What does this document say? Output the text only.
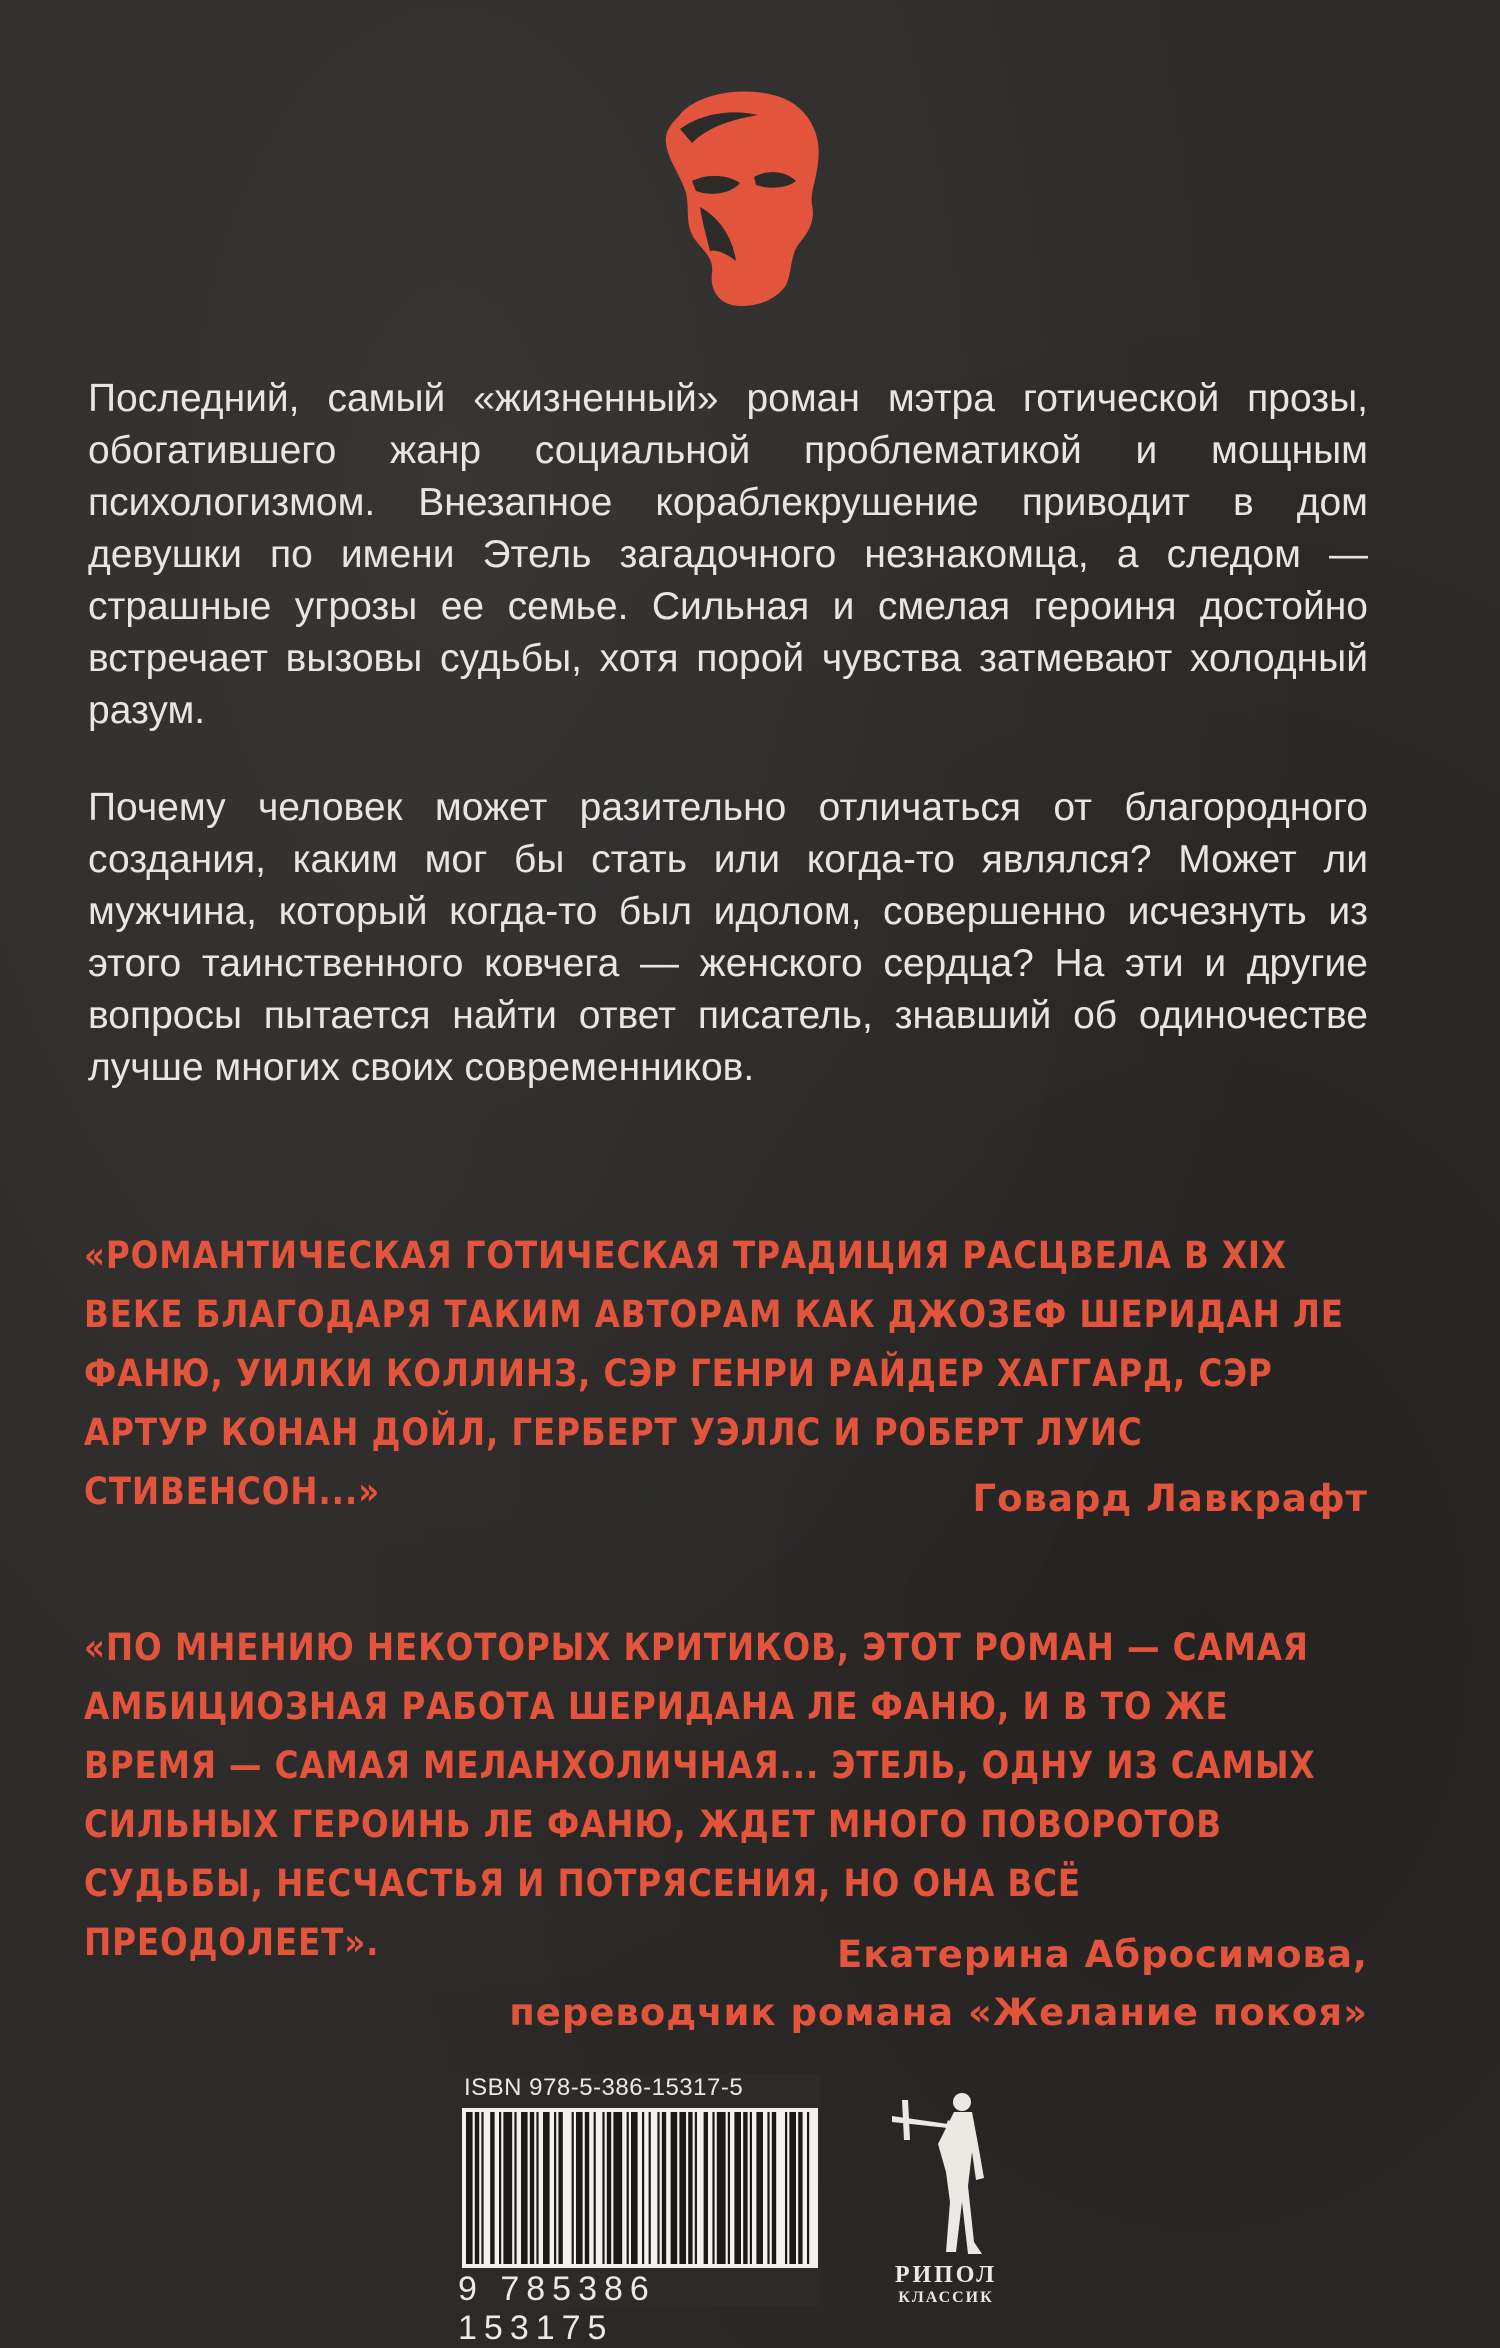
Последний, самый «жизненный» роман мэтра готической прозы, обогатившего жанр социальной проблематикой и мощным психологизмом. Внезапное кораблекрушение приводит в дом девушки по имени Этель загадочного незнакомца, а следом — страшные угрозы ее семье. Сильная и смелая героиня достойно встречает вызовы судьбы, хотя порой чувства затмевают холодный разум.

Почему человек может разительно отличаться от благородного создания, каким мог бы стать или когда-то являлся? Может ли мужчина, который когда-то был идолом, совершенно исчезнуть из этого таинственного ковчега — женского сердца? На эти и другие вопросы пытается найти ответ писатель, знавший об одиночестве лучше многих своих современников.

«РОМАНТИЧЕСКАЯ ГОТИЧЕСКАЯ ТРАДИЦИЯ РАСЦВЕЛА В XIX ВЕКЕ БЛАГОДАРЯ ТАКИМ АВТОРАМ КАК ДЖОЗЕФ ШЕРИДАН ЛЕ ФАНЮ, УИЛКИ КОЛЛИНЗ, СЭР ГЕНРИ РАЙДЕР ХАГГАРД, СЭР АРТУР КОНАН ДОЙЛ, ГЕРБЕРТ УЭЛЛС И РОБЕРТ ЛУИС СТИВЕНСОН...»	Говард Лавкрафт

«ПО МНЕНИЮ НЕКОТОРЫХ КРИТИКОВ, ЭТОТ РОМАН — САМАЯ АМБИЦИОЗНАЯ РАБОТА ШЕРИДАНА ЛЕ ФАНЮ, И В ТО ЖЕ ВРЕМЯ — САМАЯ МЕЛАНХОЛИЧНАЯ... ЭТЕЛЬ, ОДНУ ИЗ САМЫХ СИЛЬНЫХ ГЕРОИНЬ ЛЕ ФАНЮ, ЖДЕТ МНОГО ПОВОРОТОВ СУДЬБЫ, НЕСЧАСТЬЯ И ПОТРЯСЕНИЯ, НО ОНА ВСЁ ПРЕОДОЛЕЕТ».	Екатерина Абросимова,
переводчик романа «Желание покоя»
ISBN 978-5-386-15317-5
9 785386 153175
РИПОЛ
КЛАССИК
